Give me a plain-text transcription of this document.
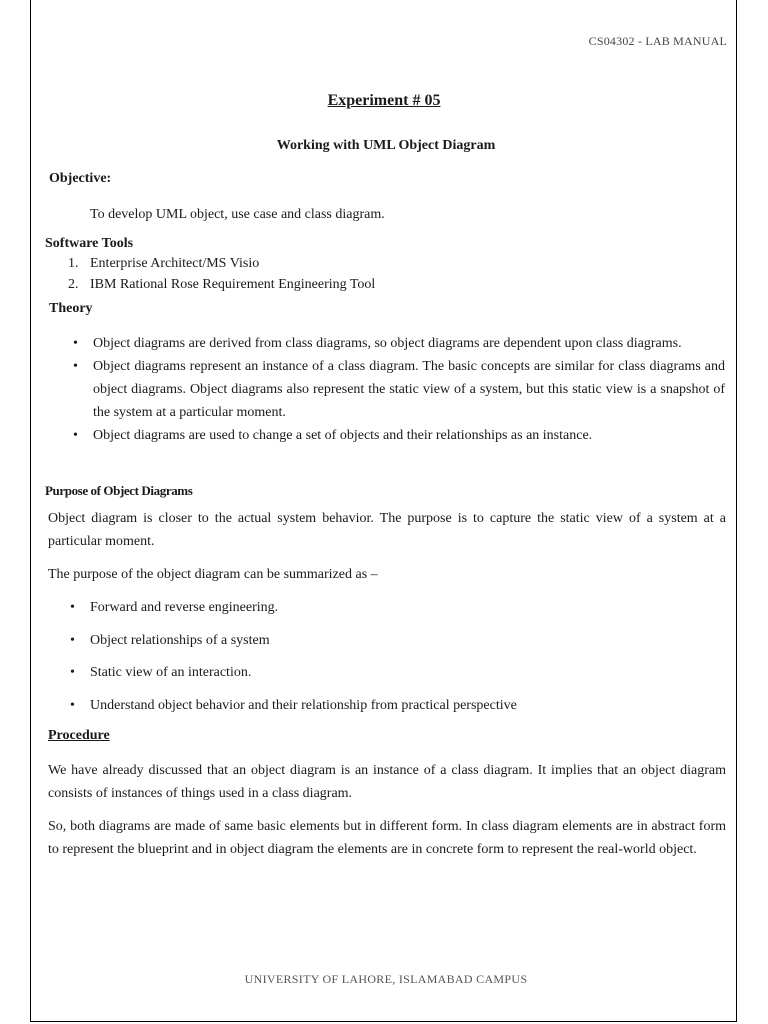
CS04302 - LAB MANUAL
Experiment # 05
Working with UML Object Diagram
Objective:
To develop UML object, use case and class diagram.
Software Tools
1. Enterprise Architect/MS Visio
2. IBM Rational Rose Requirement Engineering Tool
Theory
• Object diagrams are derived from class diagrams, so object diagrams are dependent upon class diagrams.
• Object diagrams represent an instance of a class diagram. The basic concepts are similar for class diagrams and object diagrams. Object diagrams also represent the static view of a system, but this static view is a snapshot of the system at a particular moment.
• Object diagrams are used to change a set of objects and their relationships as an instance.
Purpose of Object Diagrams

Object diagram is closer to the actual system behavior. The purpose is to capture the static view of a system at a particular moment.

The purpose of the object diagram can be summarized as –

• Forward and reverse engineering.
• Object relationships of a system
• Static view of an interaction.
• Understand object behavior and their relationship from practical perspective
Procedure

We have already discussed that an object diagram is an instance of a class diagram. It implies that an object diagram consists of instances of things used in a class diagram.

So, both diagrams are made of same basic elements but in different form. In class diagram elements are in abstract form to represent the blueprint and in object diagram the elements are in concrete form to represent the real-world object.

UNIVERSITY OF LAHORE, ISLAMABAD CAMPUS
